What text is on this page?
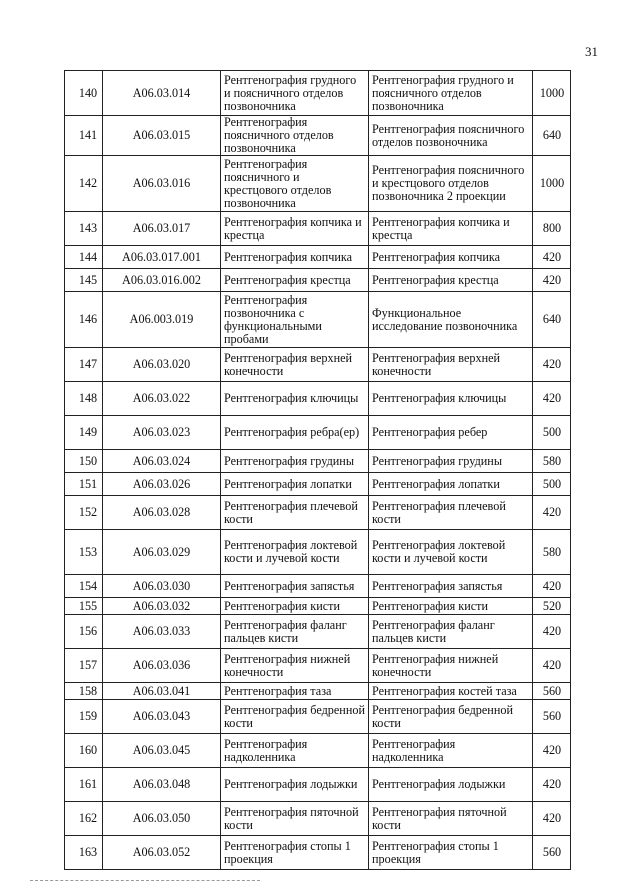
31
140	A06.03.014	Рентгенография грудного и поясничного отделов позвоночника	Рентгенография грудного и поясничного отделов позвоночника	1000
141	A06.03.015	Рентгенография поясничного отделов позвоночника	Рентгенография поясничного отделов позвоночника	640
142	A06.03.016	Рентгенография поясничного и крестцового отделов позвоночника	Рентгенография поясничного и крестцового отделов позвоночника 2 проекции	1000
143	A06.03.017	Рентгенография копчика и крестца	Рентгенография копчика и крестца	800
144	A06.03.017.001	Рентгенография копчика	Рентгенография копчика	420
145	A06.03.016.002	Рентгенография крестца	Рентгенография крестца	420
146	A06.003.019	Рентгенография позвоночника с функциональными пробами	Функциональное исследование позвоночника	640
147	A06.03.020	Рентгенография верхней конечности	Рентгенография верхней конечности	420
148	A06.03.022	Рентгенография ключицы	Рентгенография ключицы	420
149	A06.03.023	Рентгенография ребра(ер)	Рентгенография ребер	500
150	A06.03.024	Рентгенография грудины	Рентгенография грудины	580
151	A06.03.026	Рентгенография лопатки	Рентгенография лопатки	500
152	A06.03.028	Рентгенография плечевой кости	Рентгенография плечевой кости	420
153	A06.03.029	Рентгенография локтевой кости и лучевой кости	Рентгенография локтевой кости и лучевой кости	580
154	A06.03.030	Рентгенография запястья	Рентгенография запястья	420
155	A06.03.032	Рентгенография кисти	Рентгенография кисти	520
156	A06.03.033	Рентгенография фаланг пальцев кисти	Рентгенография фаланг пальцев кисти	420
157	A06.03.036	Рентгенография нижней конечности	Рентгенография нижней конечности	420
158	A06.03.041	Рентгенография таза	Рентгенография костей таза	560
159	A06.03.043	Рентгенография бедренной кости	Рентгенография бедренной кости	560
160	A06.03.045	Рентгенография надколенника	Рентгенография надколенника	420
161	A06.03.048	Рентгенография лодыжки	Рентгенография лодыжки	420
162	A06.03.050	Рентгенография пяточной кости	Рентгенография пяточной кости	420
163	A06.03.052	Рентгенография стопы 1 проекция	Рентгенография стопы 1 проекция	560
